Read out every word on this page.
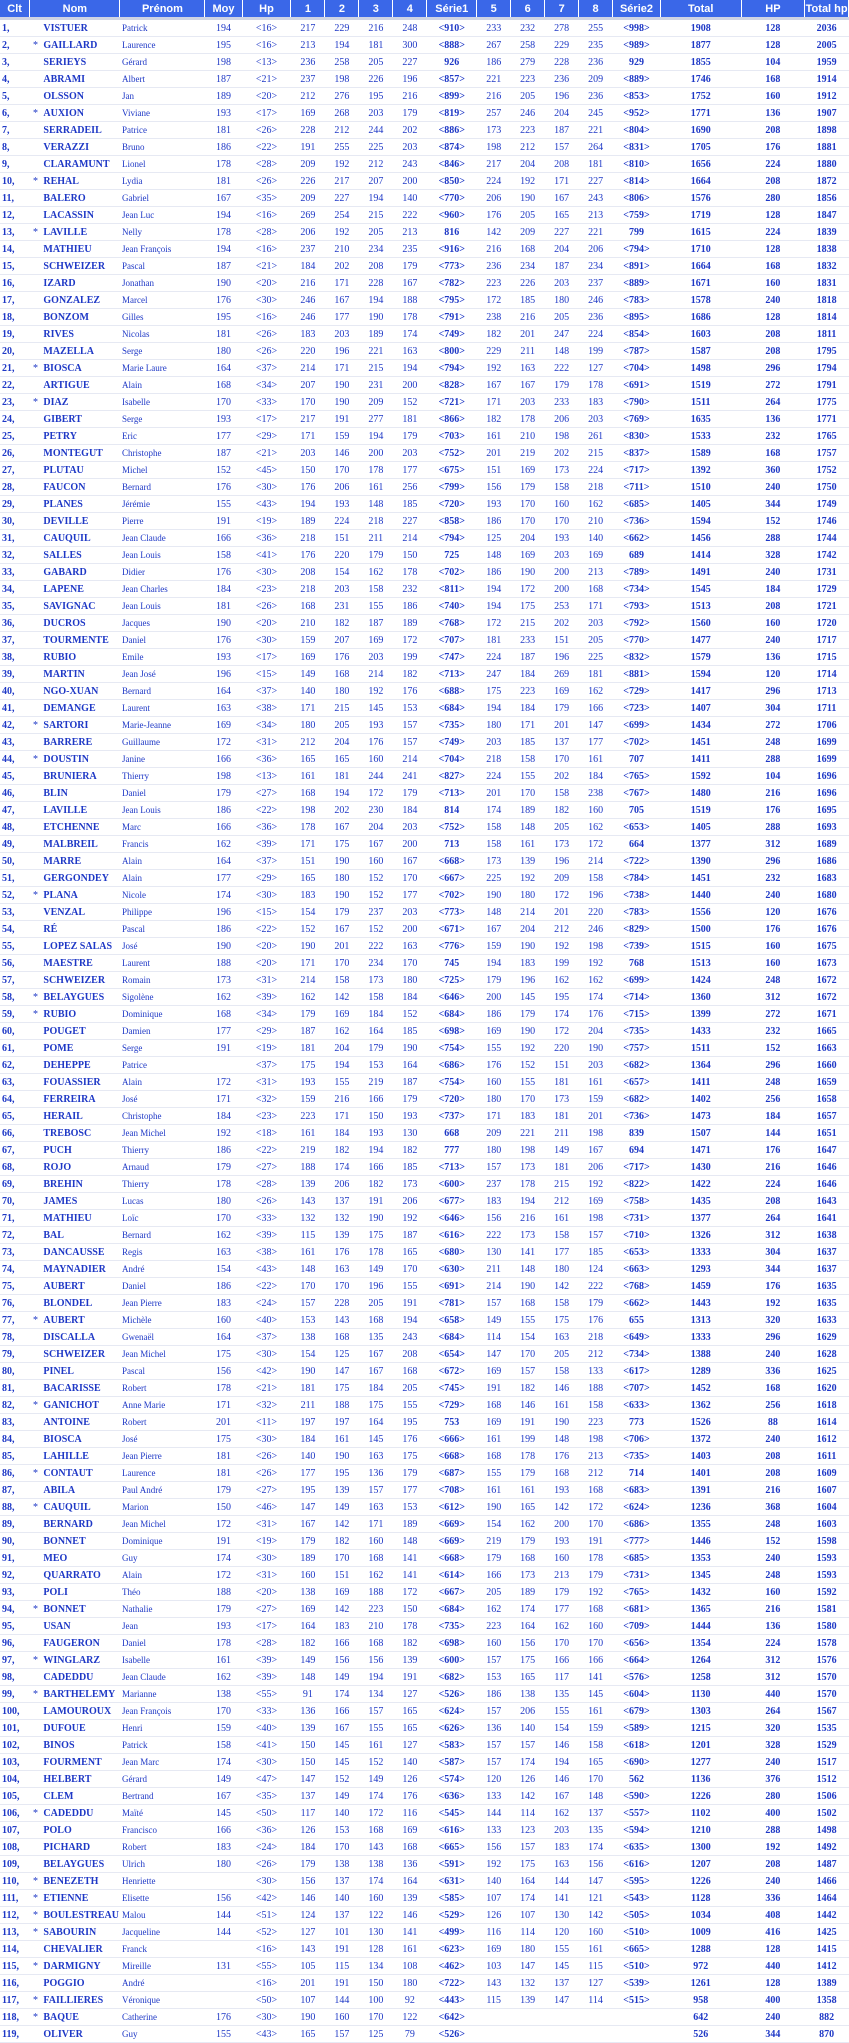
Clt	Nom		Prénom	Moy	Hp	1	2	3	4	Série1	5	6	7	8	Série2	Total	HP	Total hp

1,		VISTUER	Patrick	194	<16>	217	229	216	248	<910>	233	232	278	255	<998>	1908	128	2036
2,	*	GAILLARD	Laurence	195	<16>	213	194	181	300	<888>	267	258	229	235	<989>	1877	128	2005
3,		SERIEYS	Gérard	198	<13>	236	258	205	227	926	186	279	228	236	929	1855	104	1959
4,		ABRAMI	Albert	187	<21>	237	198	226	196	<857>	221	223	236	209	<889>	1746	168	1914
5,		OLSSON	Jan	189	<20>	212	276	195	216	<899>	216	205	196	236	<853>	1752	160	1912
6,	*	AUXION	Viviane	193	<17>	169	268	203	179	<819>	257	246	204	245	<952>	1771	136	1907
7,		SERRADEIL	Patrice	181	<26>	228	212	244	202	<886>	173	223	187	221	<804>	1690	208	1898
8,		VERAZZI	Bruno	186	<22>	191	255	225	203	<874>	198	212	157	264	<831>	1705	176	1881
9,		CLARAMUNT	Lionel	178	<28>	209	192	212	243	<846>	217	204	208	181	<810>	1656	224	1880
10,	*	REHAL	Lydia	181	<26>	226	217	207	200	<850>	224	192	171	227	<814>	1664	208	1872
11,		BALERO	Gabriel	167	<35>	209	227	194	140	<770>	206	190	167	243	<806>	1576	280	1856
12,		LACASSIN	Jean Luc	194	<16>	269	254	215	222	<960>	176	205	165	213	<759>	1719	128	1847
13,	*	LAVILLE	Nelly	178	<28>	206	192	205	213	816	142	209	227	221	799	1615	224	1839
14,		MATHIEU	Jean François	194	<16>	237	210	234	235	<916>	216	168	204	206	<794>	1710	128	1838
15,		SCHWEIZER	Pascal	187	<21>	184	202	208	179	<773>	236	234	187	234	<891>	1664	168	1832
16,		IZARD	Jonathan	190	<20>	216	171	228	167	<782>	223	226	203	237	<889>	1671	160	1831
17,		GONZALEZ	Marcel	176	<30>	246	167	194	188	<795>	172	185	180	246	<783>	1578	240	1818
18,		BONZOM	Gilles	195	<16>	246	177	190	178	<791>	238	216	205	236	<895>	1686	128	1814
19,		RIVES	Nicolas	181	<26>	183	203	189	174	<749>	182	201	247	224	<854>	1603	208	1811
20,		MAZELLA	Serge	180	<26>	220	196	221	163	<800>	229	211	148	199	<787>	1587	208	1795
21,	*	BIOSCA	Marie Laure	164	<37>	214	171	215	194	<794>	192	163	222	127	<704>	1498	296	1794
22,		ARTIGUE	Alain	168	<34>	207	190	231	200	<828>	167	167	179	178	<691>	1519	272	1791
23,	*	DIAZ	Isabelle	170	<33>	170	190	209	152	<721>	171	203	233	183	<790>	1511	264	1775
24,		GIBERT	Serge	193	<17>	217	191	277	181	<866>	182	178	206	203	<769>	1635	136	1771
25,		PETRY	Eric	177	<29>	171	159	194	179	<703>	161	210	198	261	<830>	1533	232	1765
26,		MONTEGUT	Christophe	187	<21>	203	146	200	203	<752>	201	219	202	215	<837>	1589	168	1757
27,		PLUTAU	Michel	152	<45>	150	170	178	177	<675>	151	169	173	224	<717>	1392	360	1752
28,		FAUCON	Bernard	176	<30>	176	206	161	256	<799>	156	179	158	218	<711>	1510	240	1750
29,		PLANES	Jérémie	155	<43>	194	193	148	185	<720>	193	170	160	162	<685>	1405	344	1749
30,		DEVILLE	Pierre	191	<19>	189	224	218	227	<858>	186	170	170	210	<736>	1594	152	1746
31,		CAUQUIL	Jean Claude	166	<36>	218	151	211	214	<794>	125	204	193	140	<662>	1456	288	1744
32,		SALLES	Jean Louis	158	<41>	176	220	179	150	725	148	169	203	169	689	1414	328	1742
33,		GABARD	Didier	176	<30>	208	154	162	178	<702>	186	190	200	213	<789>	1491	240	1731
34,		LAPENE	Jean Charles	184	<23>	218	203	158	232	<811>	194	172	200	168	<734>	1545	184	1729
35,		SAVIGNAC	Jean Louis	181	<26>	168	231	155	186	<740>	194	175	253	171	<793>	1513	208	1721
36,		DUCROS	Jacques	190	<20>	210	182	187	189	<768>	172	215	202	203	<792>	1560	160	1720
37,		TOURMENTE	Daniel	176	<30>	159	207	169	172	<707>	181	233	151	205	<770>	1477	240	1717
38,		RUBIO	Emile	193	<17>	169	176	203	199	<747>	224	187	196	225	<832>	1579	136	1715
39,		MARTIN	Jean José	196	<15>	149	168	214	182	<713>	247	184	269	181	<881>	1594	120	1714
40,		NGO-XUAN	Bernard	164	<37>	140	180	192	176	<688>	175	223	169	162	<729>	1417	296	1713
41,		DEMANGE	Laurent	163	<38>	171	215	145	153	<684>	194	184	179	166	<723>	1407	304	1711
42,	*	SARTORI	Marie-Jeanne	169	<34>	180	205	193	157	<735>	180	171	201	147	<699>	1434	272	1706
43,		BARRERE	Guillaume	172	<31>	212	204	176	157	<749>	203	185	137	177	<702>	1451	248	1699
44,	*	DOUSTIN	Janine	166	<36>	165	165	160	214	<704>	218	158	170	161	707	1411	288	1699
45,		BRUNIERA	Thierry	198	<13>	161	181	244	241	<827>	224	155	202	184	<765>	1592	104	1696
46,		BLIN	Daniel	179	<27>	168	194	172	179	<713>	201	170	158	238	<767>	1480	216	1696
47,		LAVILLE	Jean Louis	186	<22>	198	202	230	184	814	174	189	182	160	705	1519	176	1695
48,		ETCHENNE	Marc	166	<36>	178	167	204	203	<752>	158	148	205	162	<653>	1405	288	1693
49,		MALBREIL	Francis	162	<39>	171	175	167	200	713	158	161	173	172	664	1377	312	1689
50,		MARRE	Alain	164	<37>	151	190	160	167	<668>	173	139	196	214	<722>	1390	296	1686
51,		GERGONDEY	Alain	177	<29>	165	180	152	170	<667>	225	192	209	158	<784>	1451	232	1683
52,	*	PLANA	Nicole	174	<30>	183	190	152	177	<702>	190	180	172	196	<738>	1440	240	1680
53,		VENZAL	Philippe	196	<15>	154	179	237	203	<773>	148	214	201	220	<783>	1556	120	1676
54,		RÉ	Pascal	186	<22>	152	167	152	200	<671>	167	204	212	246	<829>	1500	176	1676
55,		LOPEZ SALAS	José	190	<20>	190	201	222	163	<776>	159	190	192	198	<739>	1515	160	1675
56,		MAESTRE	Laurent	188	<20>	171	170	234	170	745	194	183	199	192	768	1513	160	1673
57,		SCHWEIZER	Romain	173	<31>	214	158	173	180	<725>	179	196	162	162	<699>	1424	248	1672
58,	*	BELAYGUES	Sigolène	162	<39>	162	142	158	184	<646>	200	145	195	174	<714>	1360	312	1672
59,	*	RUBIO	Dominique	168	<34>	179	169	184	152	<684>	186	179	174	176	<715>	1399	272	1671
60,		POUGET	Damien	177	<29>	187	162	164	185	<698>	169	190	172	204	<735>	1433	232	1665
61,		POME	Serge	191	<19>	181	204	179	190	<754>	155	192	220	190	<757>	1511	152	1663
62,		DEHEPPE	Patrice		<37>	175	194	153	164	<686>	176	152	151	203	<682>	1364	296	1660
63,		FOUASSIER	Alain	172	<31>	193	155	219	187	<754>	160	155	181	161	<657>	1411	248	1659
64,		FERREIRA	José	171	<32>	159	216	166	179	<720>	180	170	173	159	<682>	1402	256	1658
65,		HERAIL	Christophe	184	<23>	223	171	150	193	<737>	171	183	181	201	<736>	1473	184	1657
66,		TREBOSC	Jean Michel	192	<18>	161	184	193	130	668	209	221	211	198	839	1507	144	1651
67,		PUCH	Thierry	186	<22>	219	182	194	182	777	180	198	149	167	694	1471	176	1647
68,		ROJO	Arnaud	179	<27>	188	174	166	185	<713>	157	173	181	206	<717>	1430	216	1646
69,		BREHIN	Thierry	178	<28>	139	206	182	173	<600>	237	178	215	192	<822>	1422	224	1646
70,		JAMES	Lucas	180	<26>	143	137	191	206	<677>	183	194	212	169	<758>	1435	208	1643
71,		MATHIEU	Loïc	170	<33>	132	132	190	192	<646>	156	216	161	198	<731>	1377	264	1641
72,		BAL	Bernard	162	<39>	115	139	175	187	<616>	222	173	158	157	<710>	1326	312	1638
73,		DANCAUSSE	Regis	163	<38>	161	176	178	165	<680>	130	141	177	185	<653>	1333	304	1637
74,		MAYNADIER	André	154	<43>	148	163	149	170	<630>	211	148	180	124	<663>	1293	344	1637
75,		AUBERT	Daniel	186	<22>	170	170	196	155	<691>	214	190	142	222	<768>	1459	176	1635
76,		BLONDEL	Jean Pierre	183	<24>	157	228	205	191	<781>	157	168	158	179	<662>	1443	192	1635
77,	*	AUBERT	Michèle	160	<40>	153	143	168	194	<658>	149	155	175	176	655	1313	320	1633
78,		DISCALLA	Gwenaël	164	<37>	138	168	135	243	<684>	114	154	163	218	<649>	1333	296	1629
79,		SCHWEIZER	Jean Michel	175	<30>	154	125	167	208	<654>	147	170	205	212	<734>	1388	240	1628
80,		PINEL	Pascal	156	<42>	190	147	167	168	<672>	169	157	158	133	<617>	1289	336	1625
81,		BACARISSE	Robert	178	<21>	181	175	184	205	<745>	191	182	146	188	<707>	1452	168	1620
82,	*	GANICHOT	Anne Marie	171	<32>	211	188	175	155	<729>	168	146	161	158	<633>	1362	256	1618
83,		ANTOINE	Robert	201	<11>	197	197	164	195	753	169	191	190	223	773	1526	88	1614
84,		BIOSCA	José	175	<30>	184	161	145	176	<666>	161	199	148	198	<706>	1372	240	1612
85,		LAHILLE	Jean Pierre	181	<26>	140	190	163	175	<668>	168	178	176	213	<735>	1403	208	1611
86,	*	CONTAUT	Laurence	181	<26>	177	195	136	179	<687>	155	179	168	212	714	1401	208	1609
87,		ABILA	Paul André	179	<27>	195	139	157	177	<708>	161	161	193	168	<683>	1391	216	1607
88,	*	CAUQUIL	Marion	150	<46>	147	149	163	153	<612>	190	165	142	172	<624>	1236	368	1604
89,		BERNARD	Jean Michel	172	<31>	167	142	171	189	<669>	154	162	200	170	<686>	1355	248	1603
90,		BONNET	Dominique	191	<19>	179	182	160	148	<669>	219	179	193	191	<777>	1446	152	1598
91,		MEO	Guy	174	<30>	189	170	168	141	<668>	179	168	160	178	<685>	1353	240	1593
92,		QUARRATO	Alain	172	<31>	160	151	162	141	<614>	166	173	213	179	<731>	1345	248	1593
93,		POLI	Théo	188	<20>	138	169	188	172	<667>	205	189	179	192	<765>	1432	160	1592
94,	*	BONNET	Nathalie	179	<27>	169	142	223	150	<684>	162	174	177	168	<681>	1365	216	1581
95,		USAN	Jean	193	<17>	164	183	210	178	<735>	223	164	162	160	<709>	1444	136	1580
96,		FAUGERON	Daniel	178	<28>	182	166	168	182	<698>	160	156	170	170	<656>	1354	224	1578
97,	*	WINGLARZ	Isabelle	161	<39>	149	156	156	139	<600>	157	175	166	166	<664>	1264	312	1576
98,		CADEDDU	Jean Claude	162	<39>	148	149	194	191	<682>	153	165	117	141	<576>	1258	312	1570
99,	*	BARTHELEMY	Marianne	138	<55>	91	174	134	127	<526>	186	138	135	145	<604>	1130	440	1570
100,		LAMOUROUX	Jean François	170	<33>	136	166	157	165	<624>	157	206	155	161	<679>	1303	264	1567
101,		DUFOUE	Henri	159	<40>	139	167	155	165	<626>	136	140	154	159	<589>	1215	320	1535
102,		BINOS	Patrick	158	<41>	150	145	161	127	<583>	157	157	146	158	<618>	1201	328	1529
103,		FOURMENT	Jean Marc	174	<30>	150	145	152	140	<587>	157	174	194	165	<690>	1277	240	1517
104,		HELBERT	Gérard	149	<47>	147	152	149	126	<574>	120	126	146	170	562	1136	376	1512
105,		CLEM	Bertrand	167	<35>	137	149	174	176	<636>	133	142	167	148	<590>	1226	280	1506
106,	*	CADEDDU	Maïté	145	<50>	117	140	172	116	<545>	144	114	162	137	<557>	1102	400	1502
107,		POLO	Francisco	166	<36>	126	153	168	169	<616>	133	123	203	135	<594>	1210	288	1498
108,		PICHARD	Robert	183	<24>	184	170	143	168	<665>	156	157	183	174	<635>	1300	192	1492
109,		BELAYGUES	Ulrich	180	<26>	179	138	138	136	<591>	192	175	163	156	<616>	1207	208	1487
110,	*	BENEZETH	Henriette		<30>	156	137	174	164	<631>	140	164	144	147	<595>	1226	240	1466
111,	*	ETIENNE	Elisette	156	<42>	146	140	160	139	<585>	107	174	141	121	<543>	1128	336	1464
112,	*	BOULESTREAU	Malou	144	<51>	124	137	122	146	<529>	126	107	130	142	<505>	1034	408	1442
113,	*	SABOURIN	Jacqueline	144	<52>	127	101	130	141	<499>	116	114	120	160	<510>	1009	416	1425
114,		CHEVALIER	Franck		<16>	143	191	128	161	<623>	169	180	155	161	<665>	1288	128	1415
115,	*	DARMIGNY	Mireille	131	<55>	105	115	134	108	<462>	103	147	145	115	<510>	972	440	1412
116,		POGGIO	André		<16>	201	191	150	180	<722>	143	132	137	127	<539>	1261	128	1389
117,	*	FAILLIERES	Véronique		<50>	107	144	100	92	<443>	115	139	147	114	<515>	958	400	1358
118,	*	BAQUE	Catherine	176	<30>	190	160	170	122	<642>						642	240	882
119,		OLIVER	Guy	155	<43>	165	157	125	79	<526>						526	344	870
